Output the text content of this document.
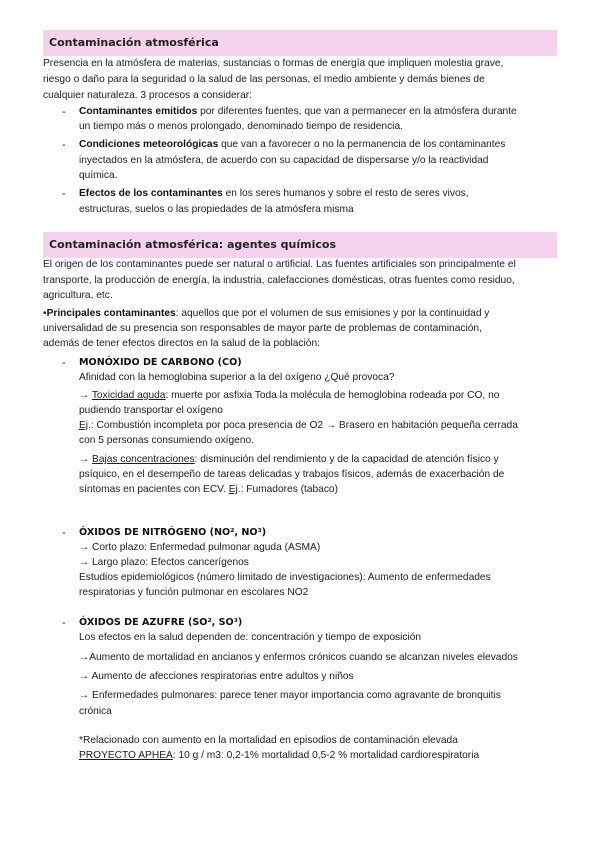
Contaminación atmosférica
Presencia en la atmósfera de materias, sustancias o formas de energía que impliquen molestia grave,
riesgo o daño para la seguridad o la salud de las personas, el medio ambiente y demás bienes de
cualquier naturaleza. 3 procesos a considerar:
- Contaminantes emitidos por diferentes fuentes, que van a permanecer en la atmósfera durante
un tiempo más o menos prolongado, denominado tiempo de residencia.
- Condiciones meteorológicas que van a favorecer o no la permanencia de los contaminantes
inyectados en la atmósfera, de acuerdo con su capacidad de dispersarse y/o la reactividad
química.
- Efectos de los contaminantes en los seres humanos y sobre el resto de seres vivos,
estructuras, suelos o las propiedades de la atmósfera misma
Contaminación atmosférica: agentes químicos
El origen de los contaminantes puede ser natural o artificial. Las fuentes artificiales son principalmente el
transporte, la producción de energía, la industria, calefacciones domésticas, otras fuentes como residuo,
agricultura, etc.
•Principales contaminantes: aquellos que por el volumen de sus emisiones y por la continuidad y
universalidad de su presencia son responsables de mayor parte de problemas de contaminación,
además de tener efectos directos en la salud de la población:
- MONÓXIDO DE CARBONO (CO)
Afinidad con la hemoglobina superior a la del oxígeno ¿Qué provoca?
→ Toxicidad aguda: muerte por asfixia Toda la molécula de hemoglobina rodeada por CO, no
pudiendo transportar el oxígeno
Ej.: Combustión incompleta por poca presencia de O2 → Brasero en habitación pequeña cerrada
con 5 personas consumiendo oxígeno.
→ Bajas concentraciones: disminución del rendimiento y de la capacidad de atención físico y
psíquico, en el desempeño de tareas delicadas y trabajos físicos, además de exacerbación de
síntomas en pacientes con ECV. Ej.: Fumadores (tabaco)
- ÓXIDOS DE NITRÓGENO (NO², NO³)
→ Corto plazo: Enfermedad pulmonar aguda (ASMA)
→ Largo plazo: Efectos cancerígenos
Estudios epidemiológicos (número limitado de investigaciones): Aumento de enfermedades
respiratorias y función pulmonar en escolares NO2
- ÓXIDOS DE AZUFRE (SO², SO³)
Los efectos en la salud dependen de: concentración y tiempo de exposición
→Aumento de mortalidad en ancianos y enfermos crónicos cuando se alcanzan niveles elevados
→ Aumento de afecciones respiratorias entre adultos y niños
→ Enfermedades pulmonares: parece tener mayor importancia como agravante de bronquitis
crónica
*Relacionado con aumento en la mortalidad en episodios de contaminación elevada
PROYECTO APHEA: 10 g / m3: 0,2-1% mortalidad 0,5-2 % mortalidad cardiorespiratoria
